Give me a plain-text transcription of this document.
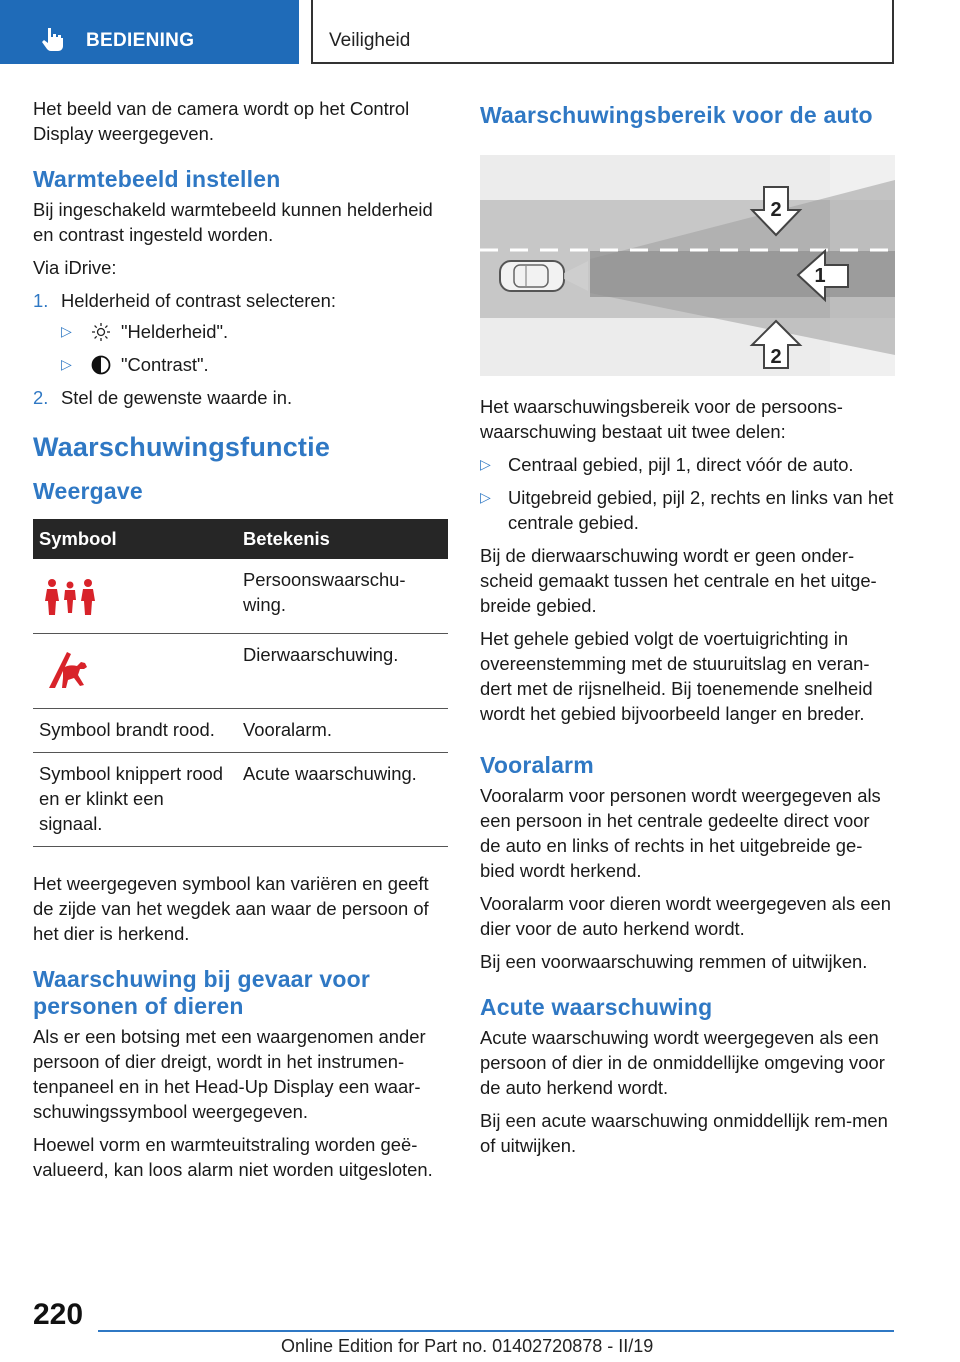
BEDIENING	Veiligheid

Het beeld van de camera wordt op het Control Display weergegeven.

Warmtebeeld instellen

Bij ingeschakeld warmtebeeld kunnen helderheid en contrast ingesteld worden.

Via iDrive:

1. Helderheid of contrast selecteren:
▷	"Helderheid".
▷	"Contrast".
2. Stel de gewenste waarde in.
Waarschuwingsfunctie
Weergave
Symbool	Betekenis
	Persoonswaarschu-wing.
	Dierwaarschuwing.
Symbool brandt rood.	Vooralarm.
Symbool knippert rood en er klinkt een signaal.	Acute waarschuwing.

Het weergegeven symbool kan variëren en geeft de zijde van het wegdek aan waar de persoon of het dier is herkend.

Waarschuwing bij gevaar voor personen of dieren

Als er een botsing met een waargenomen ander persoon of dier dreigt, wordt in het instrumen-tenpaneel en in het Head-Up Display een waar-schuwingssymbool weergegeven.

Hoewel vorm en warmteuitstraling worden geë-valueerd, kan loos alarm niet worden uitgesloten.

Waarschuwingsbereik voor de auto
1
2
2

Het waarschuwingsbereik voor de persoons-waarschuwing bestaat uit twee delen:

▷ Centraal gebied, pijl 1, direct vóór de auto.
▷ Uitgebreid gebied, pijl 2, rechts en links van het centrale gebied.

Bij de dierwaarschuwing wordt er geen onder-scheid gemaakt tussen het centrale en het uitge-breide gebied.

Het gehele gebied volgt de voertuigrichting in overeenstemming met de stuuruitslag en veran-dert met de rijsnelheid. Bij toenemende snelheid wordt het gebied bijvoorbeeld langer en breder.

Vooralarm

Vooralarm voor personen wordt weergegeven als een persoon in het centrale gedeelte direct voor de auto en links of rechts in het uitgebreide ge-bied wordt herkend.

Vooralarm voor dieren wordt weergegeven als een dier voor de auto herkend wordt.

Bij een voorwaarschuwing remmen of uitwijken.

Acute waarschuwing

Acute waarschuwing wordt weergegeven als een persoon of dier in de onmiddellijke omgeving voor de auto herkend wordt.

Bij een acute waarschuwing onmiddellijk rem-men of uitwijken.

220
Online Edition for Part no. 01402720878 - II/19
